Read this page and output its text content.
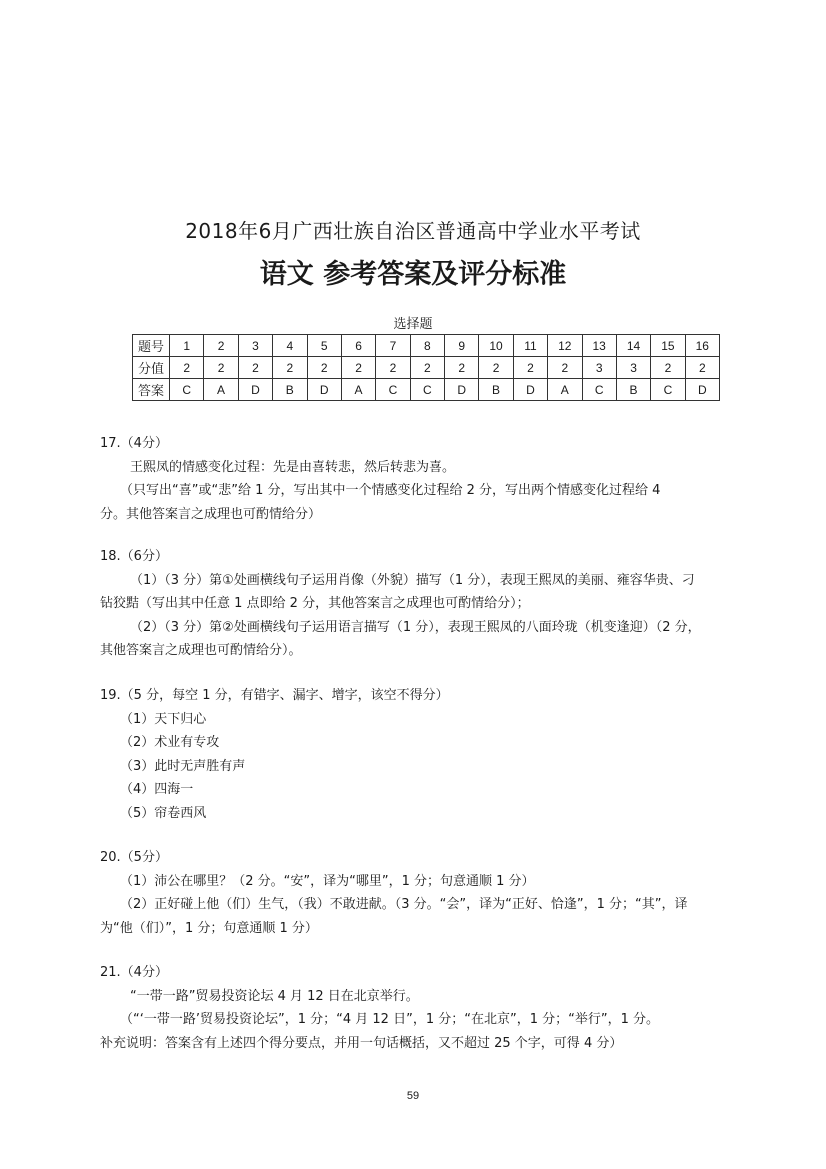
2018年6月广西壮族自治区普通高中学业水平考试
语文 参考答案及评分标准
选择题
题号	1	2	3	4	5	6	7	8	9	10	11	12	13	14	15	16
分值	2	2	2	2	2	2	2	2	2	2	2	2	3	3	2	2
答案	C	A	D	B	D	A	C	C	D	B	D	A	C	B	C	D

17.（4分）

王熙凤的情感变化过程：先是由喜转悲，然后转悲为喜。

（只写出“喜”或“悲”给 1 分，写出其中一个情感变化过程给 2 分，写出两个情感变化过程给 4

分。其他答案言之成理也可酌情给分）

18.（6分）

（1）（3 分）第①处画横线句子运用肖像（外貌）描写（1 分），表现王熙凤的美丽、雍容华贵、刁

钻狡黠（写出其中任意 1 点即给 2 分，其他答案言之成理也可酌情给分）；

（2）（3 分）第②处画横线句子运用语言描写（1 分），表现王熙凤的八面玲珑（机变逢迎）（2 分，

其他答案言之成理也可酌情给分）。

19.（5 分，每空 1 分，有错字、漏字、增字，该空不得分）

（1）天下归心

（2）术业有专攻

（3）此时无声胜有声

（4）四海一

（5）帘卷西风

20.（5分）

（1）沛公在哪里？（2 分。“安”，译为“哪里”，1 分；句意通顺 1 分）

（2）正好碰上他（们）生气，（我）不敢进献。（3 分。“会”，译为“正好、恰逢”，1 分；“其”，译

为“他（们）”，1 分；句意通顺 1 分）

21.（4分）

“一带一路”贸易投资论坛 4 月 12 日在北京举行。

（“‘一带一路’贸易投资论坛”，1 分；“4 月 12 日”，1 分；“在北京”，1 分；“举行”，1 分。

补充说明：答案含有上述四个得分要点，并用一句话概括，又不超过 25 个字，可得 4 分）

59
